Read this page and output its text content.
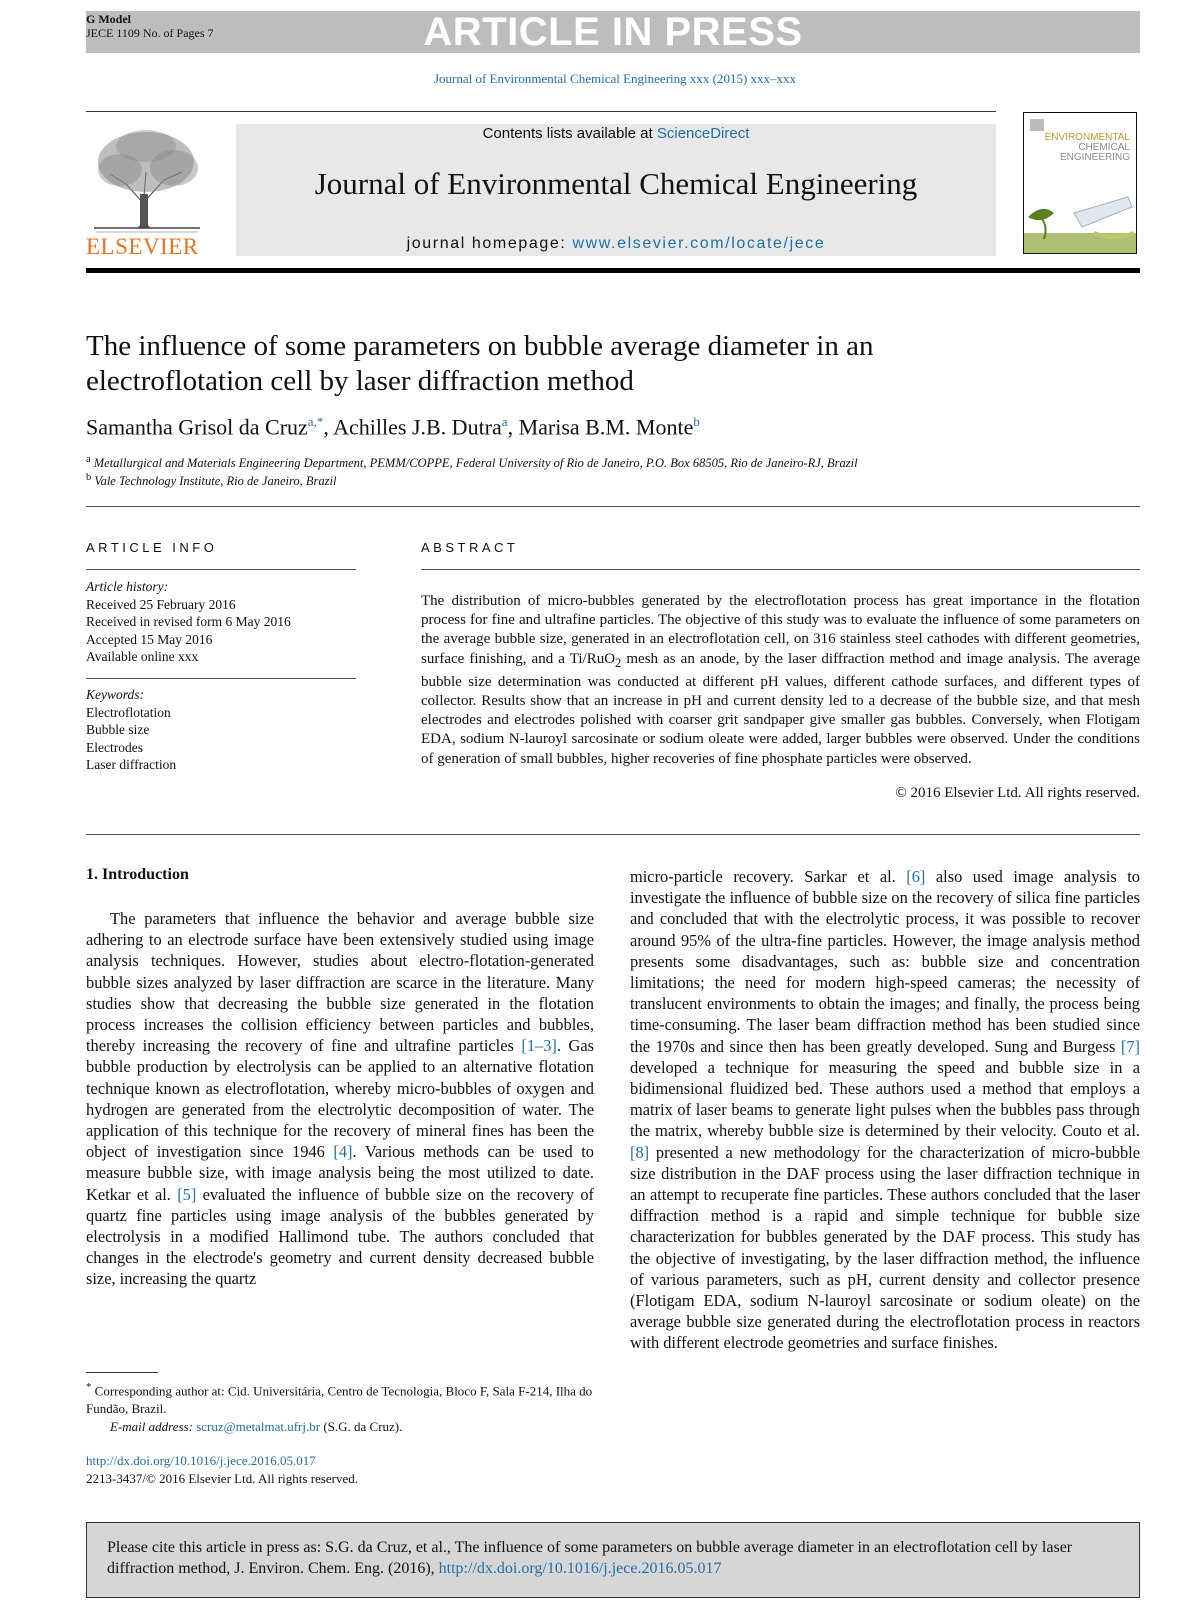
ARTICLE IN PRESS
G Model
JECE 1109 No. of Pages 7
Journal of Environmental Chemical Engineering xxx (2015) xxx–xxx
ELSEVIER
Contents lists available at ScienceDirect
Journal of Environmental Chemical Engineering
journal homepage: www.elsevier.com/locate/jece
ENVIRONMENTAL
CHEMICAL
ENGINEERING
The influence of some parameters on bubble average diameter in an
electroflotation cell by laser diffraction method
Samantha Grisol da Cruz$^{a,*}$, Achilles J.B. Dutra$^a$, Marisa B.M. Monte$^b$
$^a$ Metallurgical and Materials Engineering Department, PEMM/COPPE, Federal University of Rio de Janeiro, P.O. Box 68505, Rio de Janeiro-RJ, Brazil
$^b$ Vale Technology Institute, Rio de Janeiro, Brazil
ARTICLE INFO
Article history:
Received 25 February 2016
Received in revised form 6 May 2016
Accepted 15 May 2016
Available online xxx
Keywords:
Electroflotation
Bubble size
Electrodes
Laser diffraction
ABSTRACT
The distribution of micro-bubbles generated by the electroflotation process has great importance in the flotation process for fine and ultrafine particles. The objective of this study was to evaluate the influence of some parameters on the average bubble size, generated in an electroflotation cell, on 316 stainless steel cathodes with different geometries, surface finishing, and a Ti/RuO$_2$ mesh as an anode, by the laser diffraction method and image analysis. The average bubble size determination was conducted at different pH values, different cathode surfaces, and different types of collector. Results show that an increase in pH and current density led to a decrease of the bubble size, and that mesh electrodes and electrodes polished with coarser grit sandpaper give smaller gas bubbles. Conversely, when Flotigam EDA, sodium N-lauroyl sarcosinate or sodium oleate were added, larger bubbles were observed. Under the conditions of generation of small bubbles, higher recoveries of fine phosphate particles were observed.
© 2016 Elsevier Ltd. All rights reserved.
1. Introduction
The parameters that influence the behavior and average bubble size adhering to an electrode surface have been extensively studied using image analysis techniques. However, studies about electro-flotation-generated bubble sizes analyzed by laser diffraction are scarce in the literature. Many studies show that decreasing the bubble size generated in the flotation process increases the collision efficiency between particles and bubbles, thereby increasing the recovery of fine and ultrafine particles [1–3]. Gas bubble production by electrolysis can be applied to an alternative flotation technique known as electroflotation, whereby micro-bubbles of oxygen and hydrogen are generated from the electrolytic decomposition of water. The application of this technique for the recovery of mineral fines has been the object of investigation since 1946 [4]. Various methods can be used to measure bubble size, with image analysis being the most utilized to date. Ketkar et al. [5] evaluated the influence of bubble size on the recovery of quartz fine particles using image analysis of the bubbles generated by electrolysis in a modified Hallimond tube. The authors concluded that changes in the electrode's geometry and current density decreased bubble size, increasing the quartz
micro-particle recovery. Sarkar et al. [6] also used image analysis to investigate the influence of bubble size on the recovery of silica fine particles and concluded that with the electrolytic process, it was possible to recover around 95% of the ultra-fine particles. However, the image analysis method presents some disadvantages, such as: bubble size and concentration limitations; the need for modern high-speed cameras; the necessity of translucent environments to obtain the images; and finally, the process being time-consuming. The laser beam diffraction method has been studied since the 1970s and since then has been greatly developed. Sung and Burgess [7] developed a technique for measuring the speed and bubble size in a bidimensional fluidized bed. These authors used a method that employs a matrix of laser beams to generate light pulses when the bubbles pass through the matrix, whereby bubble size is determined by their velocity. Couto et al. [8] presented a new methodology for the characterization of micro-bubble size distribution in the DAF process using the laser diffraction technique in an attempt to recuperate fine particles. These authors concluded that the laser diffraction method is a rapid and simple technique for bubble size characterization for bubbles generated by the DAF process. This study has the objective of investigating, by the laser diffraction method, the influence of various parameters, such as pH, current density and collector presence (Flotigam EDA, sodium N-lauroyl sarcosinate or sodium oleate) on the average bubble size generated during the electroflotation process in reactors with different electrode geometries and surface finishes.
* Corresponding author at: Cid. Universitária, Centro de Tecnologia, Bloco F, Sala F-214, Ilha do Fundão, Brazil.
E-mail address: scruz@metalmat.ufrj.br (S.G. da Cruz).
http://dx.doi.org/10.1016/j.jece.2016.05.017
2213-3437/© 2016 Elsevier Ltd. All rights reserved.
Please cite this article in press as: S.G. da Cruz, et al., The influence of some parameters on bubble average diameter in an electroflotation cell by laser diffraction method, J. Environ. Chem. Eng. (2016), http://dx.doi.org/10.1016/j.jece.2016.05.017
